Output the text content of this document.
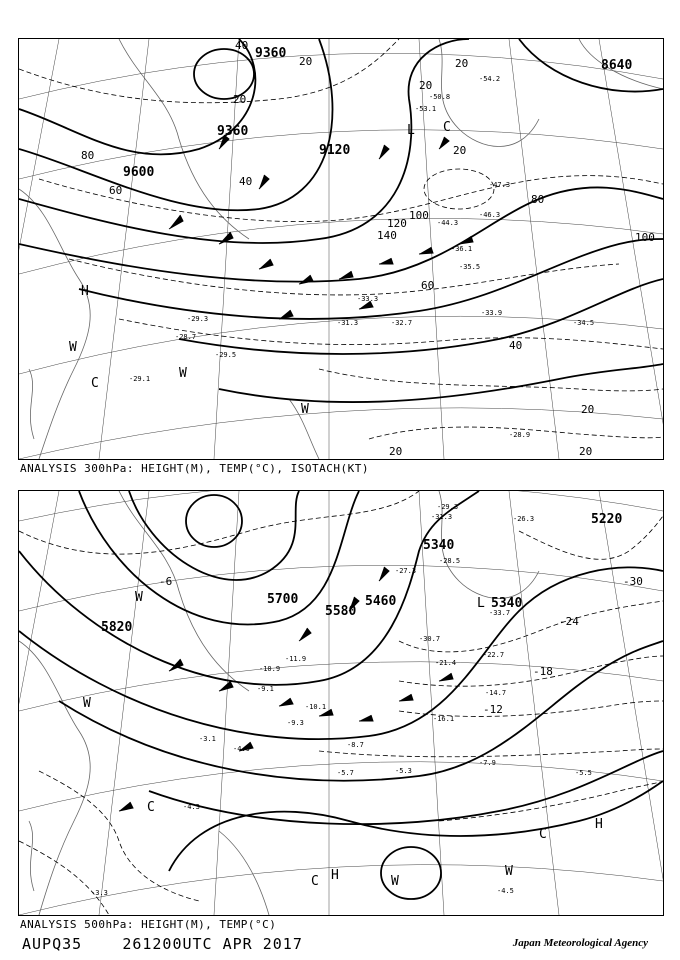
9360
9360
9120
9600
8640
20
20
20
20
20
40
40
60
80
100
100
120
140
60
40
80
20
20	20
H
W
C
W
W
L C
-47.3
-46.3
-44.3
-36.1
-35.5
-33.9
-33.3
-32.7
-31.3
-29.3
-28.7
-29.5
-29.1
-34.5
-28.9
-50.8
-53.1
-54.2
ANALYSIS 300hPa: HEIGHT(M), TEMP(°C), ISOTACH(KT)
5820
5700
5580
5460
5340
5340
5220
-30
-24
-18
-12
-6
W
C
W	L
H
C
H	W
C	W
-29.3
-31.3
-28.5
-27.3
-26.3
-33.7
-30.7
-22.7
-21.4
-16.1
-14.7
-10.1
-9.3
-8.7
-7.9
-5.3
-5.7	-5.5
-4.3
-4.9
-4.5
-3.3
-3.1
-9.1
-10.9
-11.9
ANALYSIS 500hPa: HEIGHT(M), TEMP(°C)
AUPQ35	261200UTC APR 2017	Japan Meteorological Agency
